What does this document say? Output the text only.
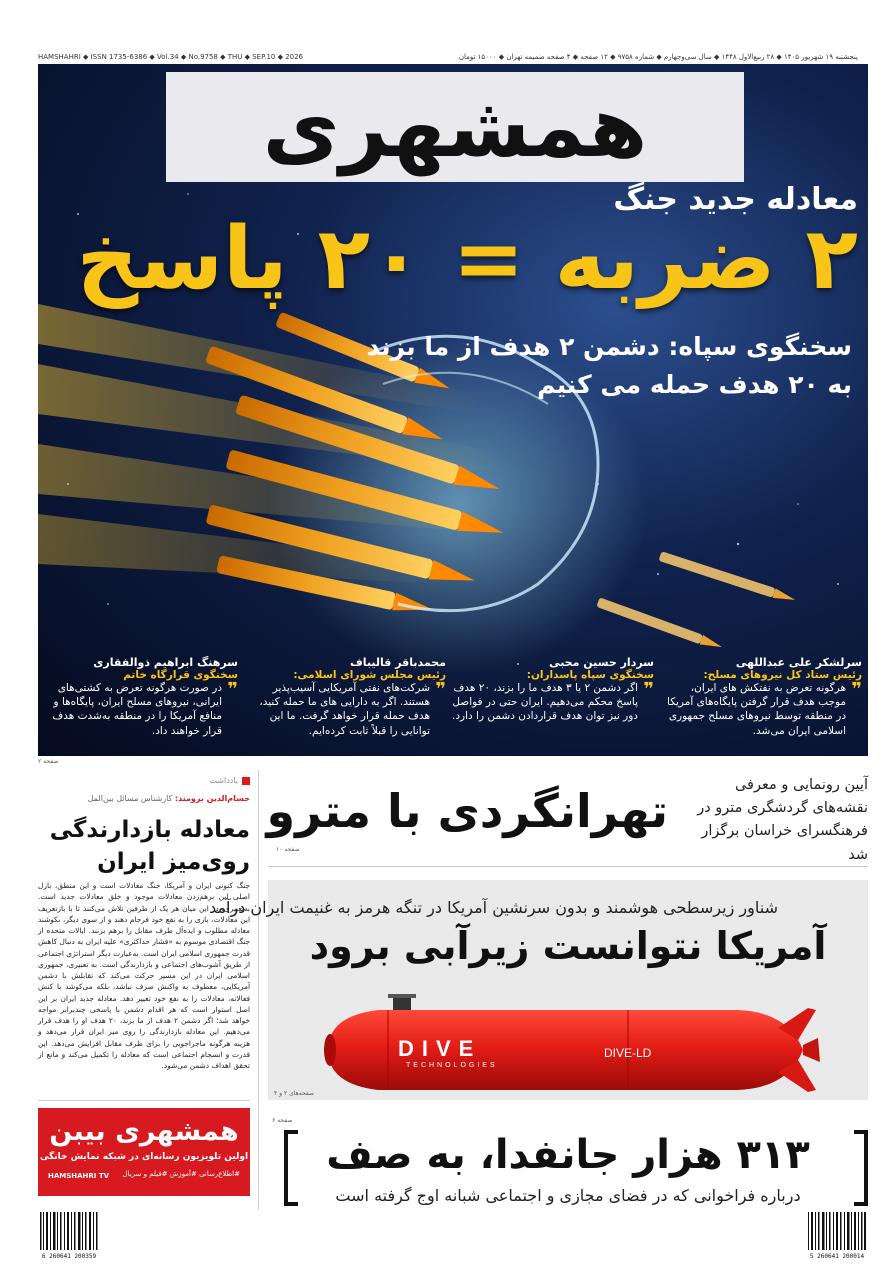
HAMSHAHRI ◆ ISSN 1735-6386 ◆ Vol.34 ◆ No.9758 ◆ THU ◆ SEP.10 ◆ 2026	پنجشنبه ۱۹ شهریور ۱۴۰۵ ◆ ۲۸ ربیع‌الاول ۱۴۴۸ ◆ سال سی‌وچهارم ◆ شماره ۹۷۵۸ ◆ ۱۲ صفحه ◆ ۴ صفحه ضمیمه تهران ◆ ۱۵۰۰۰ تومان
همشهری
معادله جدید جنگ
۲ ضربه = ۲۰ پاسخ
سخنگوی سپاه: دشمن ۲ هدف از ما بزند
به ۲۰ هدف حمله می کنیم
سرلشکر علی عبداللهی
رئیس ستاد کل نیروهای مسلح:
❞
هرگونه تعرض به نفتکش های ایران، موجب هدف قرار گرفتن پایگاه‌های آمریکا در منطقه توسط نیروهای مسلح جمهوری اسلامی ایران می‌شد.
سردار حسین محبی
سخنگوی سپاه پاسداران:
❞
اگر دشمن ۲ یا ۳ هدف ما را بزند، ۲۰ هدف پاسخ محکم می‌دهیم. ایران حتی در فواصل دور نیز توان هدف قراردادن دشمن را دارد.
محمدباقر قالیباف
رئیس مجلس شورای اسلامی:
❞
شرکت‌های نفتی آمریکایی آسیب‌پذیر هستند. اگر به دارایی های ما حمله کنید، هدف حمله قرار خواهد گرفت. ما این توانایی را قبلاً ثابت کرده‌ایم.
سرهنگ ابراهیم ذوالفقاری
سخنگوی قرارگاه خاتم
❞
در صورت هرگونه تعرض به کشتی‌های ایرانی، نیروهای مسلح ایران، پایگاه‌ها و منافع آمریکا را در منطقه به‌شدت هدف قرار خواهند داد.
صفحه ۲
یادداشت
حسام‌الدین برومند: کارشناس مسائل بین‌المل
معادله بازدارندگی
روی‌میز ایران
جنگ کنونی ایران و آمریکا، جنگ معادلات است و این منطق، بازل اصلی این برهم‌زدن معادلات موجود و خلق معادلات جدید است. به‌تعبیری، در این میان هر یک از طرفین تلاش می‌کنند تا با بازتعریف این معادلات، بازی را به نفع خود فرجام دهند و از سوی دیگر، بکوشند معادله مطلوب و ایده‌آل طرف مقابل را برهم بزنند. ایالات متحده از جنگ اقتصادی موسوم به «فشار حداکثری» علیه ایران به دنبال کاهش قدرت جمهوری اسلامی ایران است. به‌عبارت دیگر استراتژی اجتماعی از طریق آشوب‌های اجتماعی و بازدارندگی است. به تعبیری، جمهوری اسلامی ایران در این مسیر حرکت می‌کند که تقابلش با دشمن آمریکایی، معطوف به واکنش صرف نباشد، بلکه می‌کوشد با کنش فعالانه، معادلات را به نفع خود تغییر دهد. معادله جدید ایران بر این اصل استوار است که هر اقدام دشمن با پاسخی چندبرابر مواجه خواهد شد؛ اگر دشمن ۲ هدف از ما بزند، ۲۰ هدف او را هدف قرار می‌دهیم. این معادله بازدارندگی را روی میز ایران قرار می‌دهد و هزینه هرگونه ماجراجویی را برای طرف مقابل افزایش می‌دهد. این قدرت و انسجام اجتماعی است که معادله را تکمیل می‌کند و مانع از تحقق اهداف دشمن می‌شود.
همشهری بیبن
اولین تلویزیون رسانه‌ای در شبکه نمایش خانگی
#اطلاع‌رسانی #آموزش #فیلم و سریال
HAMSHAHRI TV
تهرانگردی با مترو	آیین رونمایی و معرفی نقشه‌های گردشگری مترو در فرهنگسرای خراسان برگزار شد
صفحه ۱۰
شناور زیرسطحی هوشمند و بدون سرنشین آمریکا در تنگه هرمز به غنیمت ایران درآمد
آمریکا نتوانست زیرآبی برود
DIVE
TECHNOLOGIES
DIVE-LD
صفحه‌های ۲ و ۴
صفحه ۶
۳۱۳ هزار جانفدا، به صف
درباره فراخوانی که در فضای مجازی و اجتماعی شبانه اوج گرفته است
6 260641 200359	5 260641 200014
